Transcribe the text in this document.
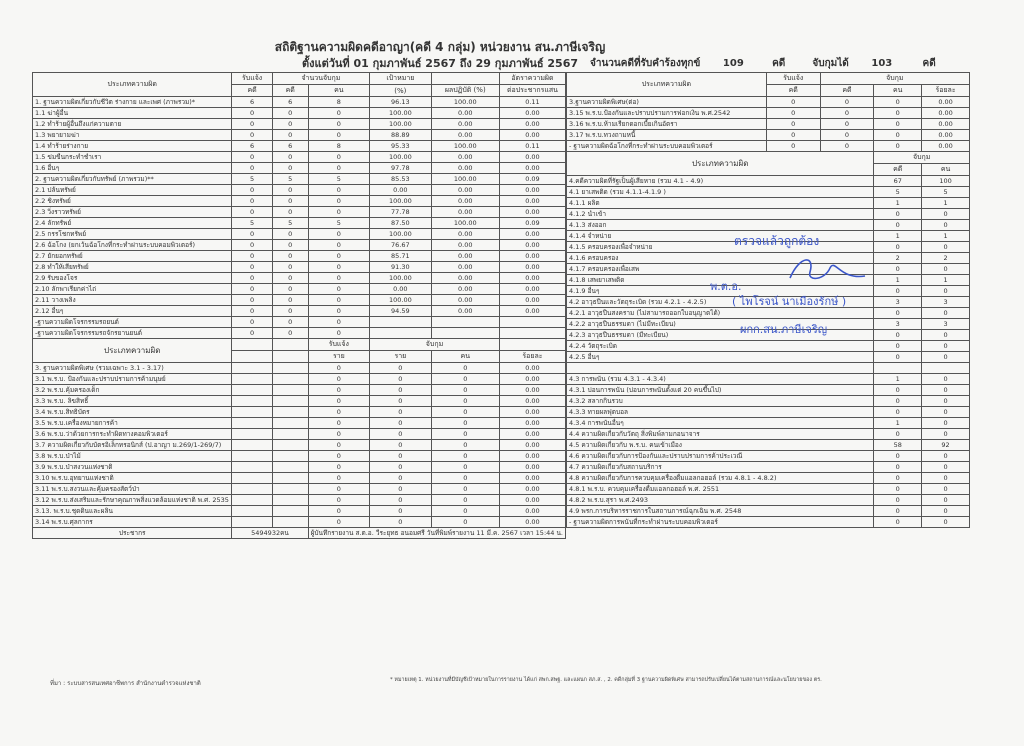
สถิติฐานความผิดคดีอาญา(คดี 4 กลุ่ม) หน่วยงาน สน.ภาษีเจริญ
ตั้งแต่วันที่ 01 กุมภาพันธ์ 2567 ถึง 29 กุมภาพันธ์ 2567	จำนวนคดีที่รับคำร้องทุกข์ 109	คดี	จับกุมได้ 103	คดี
ประเภทความผิด	รับแจ้ง	จำนวนจับกุม		เป้าหมาย		อัตราความผิด
	คดี	คดี	คน	(%)	ผลปฏิบัติ (%)	ต่อประชากรแสน
1. ฐานความผิดเกี่ยวกับชีวิต ร่างกาย และเพศ (ภาพรวม)*	6	6	8	96.13	100.00	0.11
1.1 ฆ่าผู้อื่น	0	0	0	100.00	0.00	0.00
1.2 ทำร้ายผู้อื่นถึงแก่ความตาย	0	0	0	100.00	0.00	0.00
1.3 พยายามฆ่า	0	0	0	88.89	0.00	0.00
1.4 ทำร้ายร่างกาย	6	6	8	95.33	100.00	0.11
1.5 ข่มขืนกระทำชำเรา	0	0	0	100.00	0.00	0.00
1.6 อื่นๆ	0	0	0	97.78	0.00	0.00
2. ฐานความผิดเกี่ยวกับทรัพย์ (ภาพรวม)**	5	5	5	85.53	100.00	0.09
2.1 ปล้นทรัพย์	0	0	0	0.00	0.00	0.00
2.2 ชิงทรัพย์	0	0	0	100.00	0.00	0.00
2.3 วิ่งราวทรัพย์	0	0	0	77.78	0.00	0.00
2.4 ลักทรัพย์	5	5	5	87.50	100.00	0.09
2.5 กรรโชกทรัพย์	0	0	0	100.00	0.00	0.00
2.6 ฉ้อโกง (ยกเว้นฉ้อโกงที่กระทำผ่านระบบคอมพิวเตอร์)	0	0	0	76.67	0.00	0.00
2.7 ยักยอกทรัพย์	0	0	0	85.71	0.00	0.00
2.8 ทำให้เสียทรัพย์	0	0	0	91.30	0.00	0.00
2.9 รับของโจร	0	0	0	100.00	0.00	0.00
2.10 ลักพาเรียกค่าไถ่	0	0	0	0.00	0.00	0.00
2.11 วางเพลิง	0	0	0	100.00	0.00	0.00
2.12 อื่นๆ	0	0	0	94.59	0.00	0.00
-ฐานความผิดโจรกรรมรถยนต์	0	0	0			
-ฐานความผิดโจรกรรมรถจักรยานยนต์	0	0	0			
ประเภทความผิด			รับแจ้ง	จับกุม		
			ราย	ราย	คน	ร้อยละ
3. ฐานความผิดพิเศษ (รวมเฉพาะ 3.1 - 3.17)			0	0	0	0.00
3.1 พ.ร.บ. ป้องกันและปราบปรามการค้ามนุษย์			0	0	0	0.00
3.2 พ.ร.บ.คุ้มครองเด็ก			0	0	0	0.00
3.3 พ.ร.บ. ลิขสิทธิ์			0	0	0	0.00
3.4 พ.ร.บ.สิทธิบัตร			0	0	0	0.00
3.5 พ.ร.บ.เครื่องหมายการค้า			0	0	0	0.00
3.6 พ.ร.บ.ว่าด้วยการกระทำผิดทางคอมพิวเตอร์			0	0	0	0.00
3.7 ความผิดเกี่ยวกับบัตรอิเล็กทรอนิกส์ (ป.อาญา ม.269/1-269/7)			0	0	0	0.00
3.8 พ.ร.บ.ป่าไม้			0	0	0	0.00
3.9 พ.ร.บ.ป่าสงวนแห่งชาติ			0	0	0	0.00
3.10 พ.ร.บ.อุทยานแห่งชาติ			0	0	0	0.00
3.11 พ.ร.บ.สงวนและคุ้มครองสัตว์ป่า			0	0	0	0.00
3.12 พ.ร.บ.ส่งเสริมและรักษาคุณภาพสิ่งแวดล้อมแห่งชาติ พ.ศ. 2535			0	0	0	0.00
3.13. พ.ร.บ.ชุดดินและผลิน			0	0	0	0.00
3.14 พ.ร.บ.ศุลกากร			0	0	0	0.00
ประชากร	5494932คน		ผู้บันทึกรายงาน ส.ต.อ. วีระยุทธ อนอมศรี วันที่พิมพ์รายงาน 11 มี.ค. 2567 เวลา 15:44 น.			
ประเภทความผิด	รับแจ้ง	จับกุม		
	คดี	คดี	คน	ร้อยละ
3.ฐานความผิดพิเศษ(ต่อ)	0	0	0	0.00
3.15 พ.ร.บ.ป้องกันและปราบปรามการฟอกเงิน พ.ศ.2542	0	0	0	0.00
3.16 พ.ร.บ.ห้ามเรียกดอกเบี้ยเกินอัตรา	0	0	0	0.00
3.17 พ.ร.บ.ทวงถามหนี้	0	0	0	0.00
- ฐานความผิดฉ้อโกงที่กระทำผ่านระบบคอมพิวเตอร์	0	0	0	0.00
ประเภทความผิด			จับกุม	
			คดี	คน
4.คดีความผิดที่รัฐเป็นผู้เสียหาย (รวม 4.1 - 4.9)			67	100
4.1 ยาเสพติด (รวม 4.1.1-4.1.9 )			5	5
4.1.1 ผลิต			1	1
4.1.2 นำเข้า			0	0
4.1.3 ส่งออก			0	0
4.1.4 จำหน่าย			1	1
4.1.5 ครอบครองเพื่อจำหน่าย			0	0
4.1.6 ครอบครอง			2	2
4.1.7 ครอบครองเพื่อเสพ			0	0
4.1.8 เสพยาเสพติด			1	1
4.1.9 อื่นๆ			0	0
4.2 อาวุธปืนและวัตถุระเบิด (รวม 4.2.1 - 4.2.5)			3	3
4.2.1 อาวุธปืนสงคราม (ไม่สามารถออกใบอนุญาตได้)			0	0
4.2.2 อาวุธปืนธรรมดา (ไม่มีทะเบียน)			3	3
4.2.3 อาวุธปืนธรรมดา (มีทะเบียน)			0	0
4.2.4 วัตถุระเบิด			0	0
4.2.5 อื่นๆ			0	0

4.3 การพนัน (รวม 4.3.1 - 4.3.4)			1	0
4.3.1 บ่อนการพนัน (บ่อนการพนันตั้งแต่ 20 คนขึ้นไป)			0	0
4.3.2 สลากกินรวบ			0	0
4.3.3 ทายผลฟุตบอล			0	0
4.3.4 การพนันอื่นๆ			1	0
4.4 ความผิดเกี่ยวกับวัตถุ สิ่งพิมพ์ลามกอนาจาร			0	0
4.5 ความผิดเกี่ยวกับ พ.ร.บ. คนเข้าเมือง			58	92
4.6 ความผิดเกี่ยวกับการป้องกันและปราบปรามการค้าประเวณี			0	0
4.7 ความผิดเกี่ยวกับสถานบริการ			0	0
4.8 ความผิดเกี่ยวกับการควบคุมเครื่องดื่มแอลกอฮอล์ (รวม 4.8.1 - 4.8.2)			0	0
4.8.1 พ.ร.บ. ควบคุมเครื่องดื่มแอลกอฮอล์ พ.ศ. 2551			0	0
4.8.2 พ.ร.บ.สุรา พ.ศ.2493			0	0
4.9 พรก.การบริหารราชการในสถานการณ์ฉุกเฉิน พ.ศ. 2548			0	0
- ฐานความผิดการพนันที่กระทำผ่านระบบคอมพิวเตอร์			0	0
ตรวจแล้วถูกต้อง
พ.ต.อ.
( ไพโรจน์ นาเมืองรักษ์ )
ผกก.สน.ภาษีเจริญ
ที่มา : ระบบสารสนเทศอาชีพการ สำนักงานตำรวจแห่งชาติ	* หมายเหตุ 1. หน่วยงานที่มีบัญชีเป้าหมายในการรายงาน ได้แก่ สพก.สพฐ. และแผนก สภ.ส. , 2. คดีกลุ่มที่ 3 ฐานความผิดพิเศษ สามารถปรับเปลี่ยนได้ตามสถานการณ์และนโยบายของ ตร.
